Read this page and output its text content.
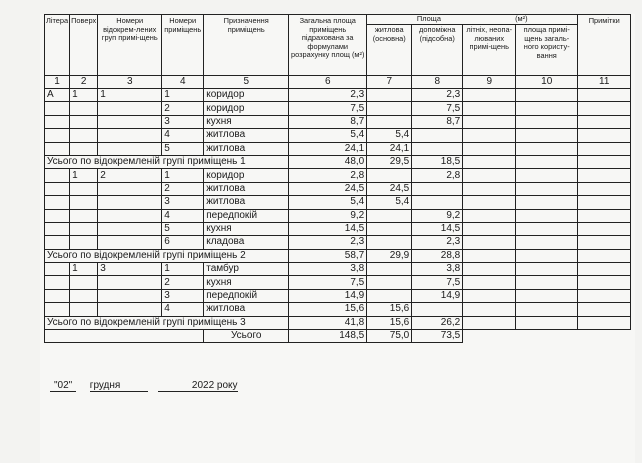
Літера	Поверх	Номери відокрем-лених груп примі-щень	Номери приміщень	Призначення приміщень	Загальна площа приміщень підрахована за формулами розрахунку площ (м²)	Площа (м²)				Примітки
						житлова (основна)	допоміжна (підсобна)	літніх, неопа-люваних примі-щень	площа примі-щень загаль-ного користу-вання	
1	2	3	4	5	6	7	8	9	10	11
А	1	1	1	коридор	2,3		2,3			
			2	коридор	7,5		7,5			
			3	кухня	8,7		8,7			
			4	житлова	5,4	5,4				
			5	житлова	24,1	24,1				
Усього по відокремленій групі приміщень 1					48,0	29,5	18,5			
	1	2	1	коридор	2,8		2,8			
			2	житлова	24,5	24,5				
			3	житлова	5,4	5,4				
			4	передпокій	9,2		9,2			
			5	кухня	14,5		14,5			
			6	кладова	2,3		2,3			
Усього по відокремленій групі приміщень 2					58,7	29,9	28,8			
	1	3	1	тамбур	3,8		3,8			
			2	кухня	7,5		7,5			
			3	передпокій	14,9		14,9			
			4	житлова	15,6	15,6				
Усього по відокремленій групі приміщень 3					41,8	15,6	26,2			
				Усього	148,5	75,0	73,5			
"02" грудня	2022 року
